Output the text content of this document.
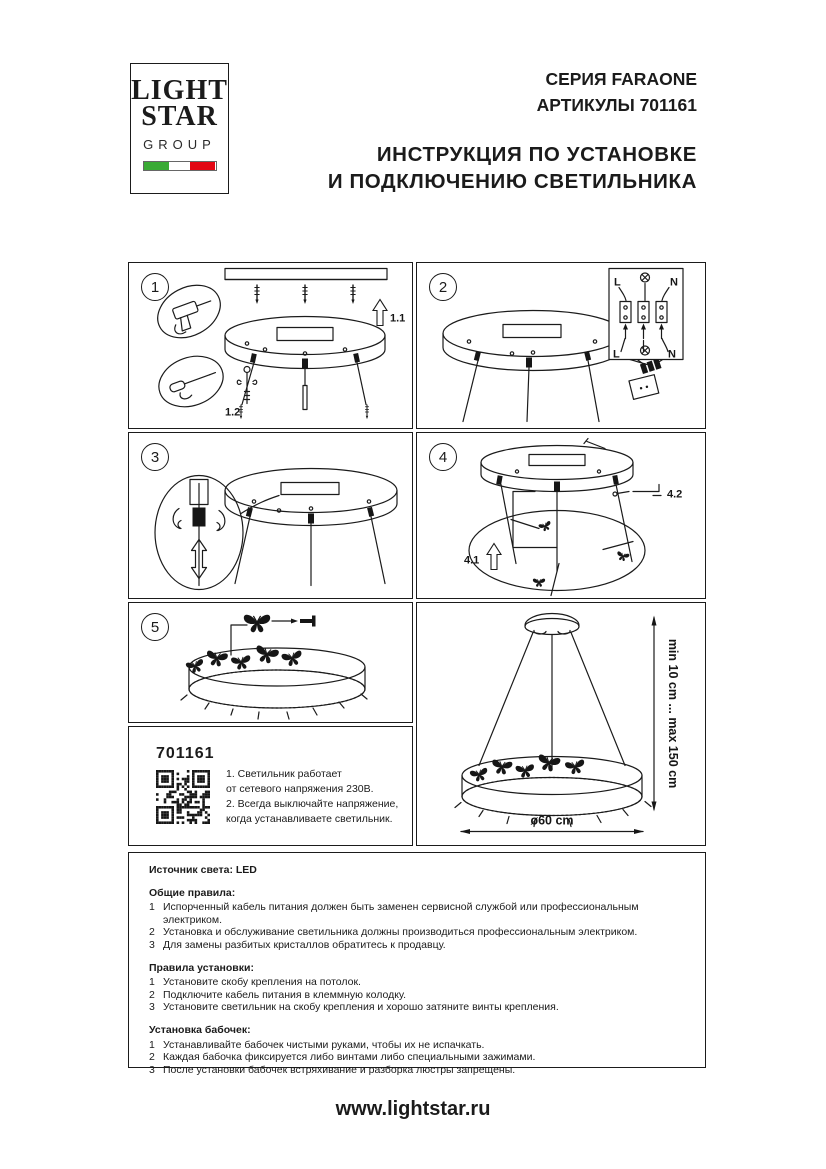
LIGHT
STAR
GROUP
СЕРИЯ FARAONE
АРТИКУЛЫ 701161
ИНСТРУКЦИЯ ПО УСТАНОВКЕ
И ПОДКЛЮЧЕНИЮ СВЕТИЛЬНИКА
1
1.1
1.2
2	L	N
L	N
3	4
4.1
4.2
5
701161
1. Светильник работает
от сетевого напряжения 230В.
2. Всегда выключайте напряжение,
когда устанавливаете светильник.
min 10 cm ... max 150 cm
ø60 cm
Источник света: LED
Общие правила:
1 Испорченный кабель питания должен быть заменен сервисной службой или профессиональным электриком.
2 Установка и обслуживание светильника должны производиться профессиональным электриком.
3 Для замены разбитых кристаллов обратитесь к продавцу.
Правила установки:
1 Установите скобу крепления на потолок.
2 Подключите кабель питания в клеммную колодку.
3 Установите светильник на скобу крепления и хорошо затяните винты крепления.
Установка бабочек:
1 Устанавливайте бабочек чистыми руками, чтобы их не испачкать.
2 Каждая бабочка фиксируется либо винтами либо специальными зажимами.
3 После установки бабочек встряхивание и разборка люстры запрещены.
www.lightstar.ru
